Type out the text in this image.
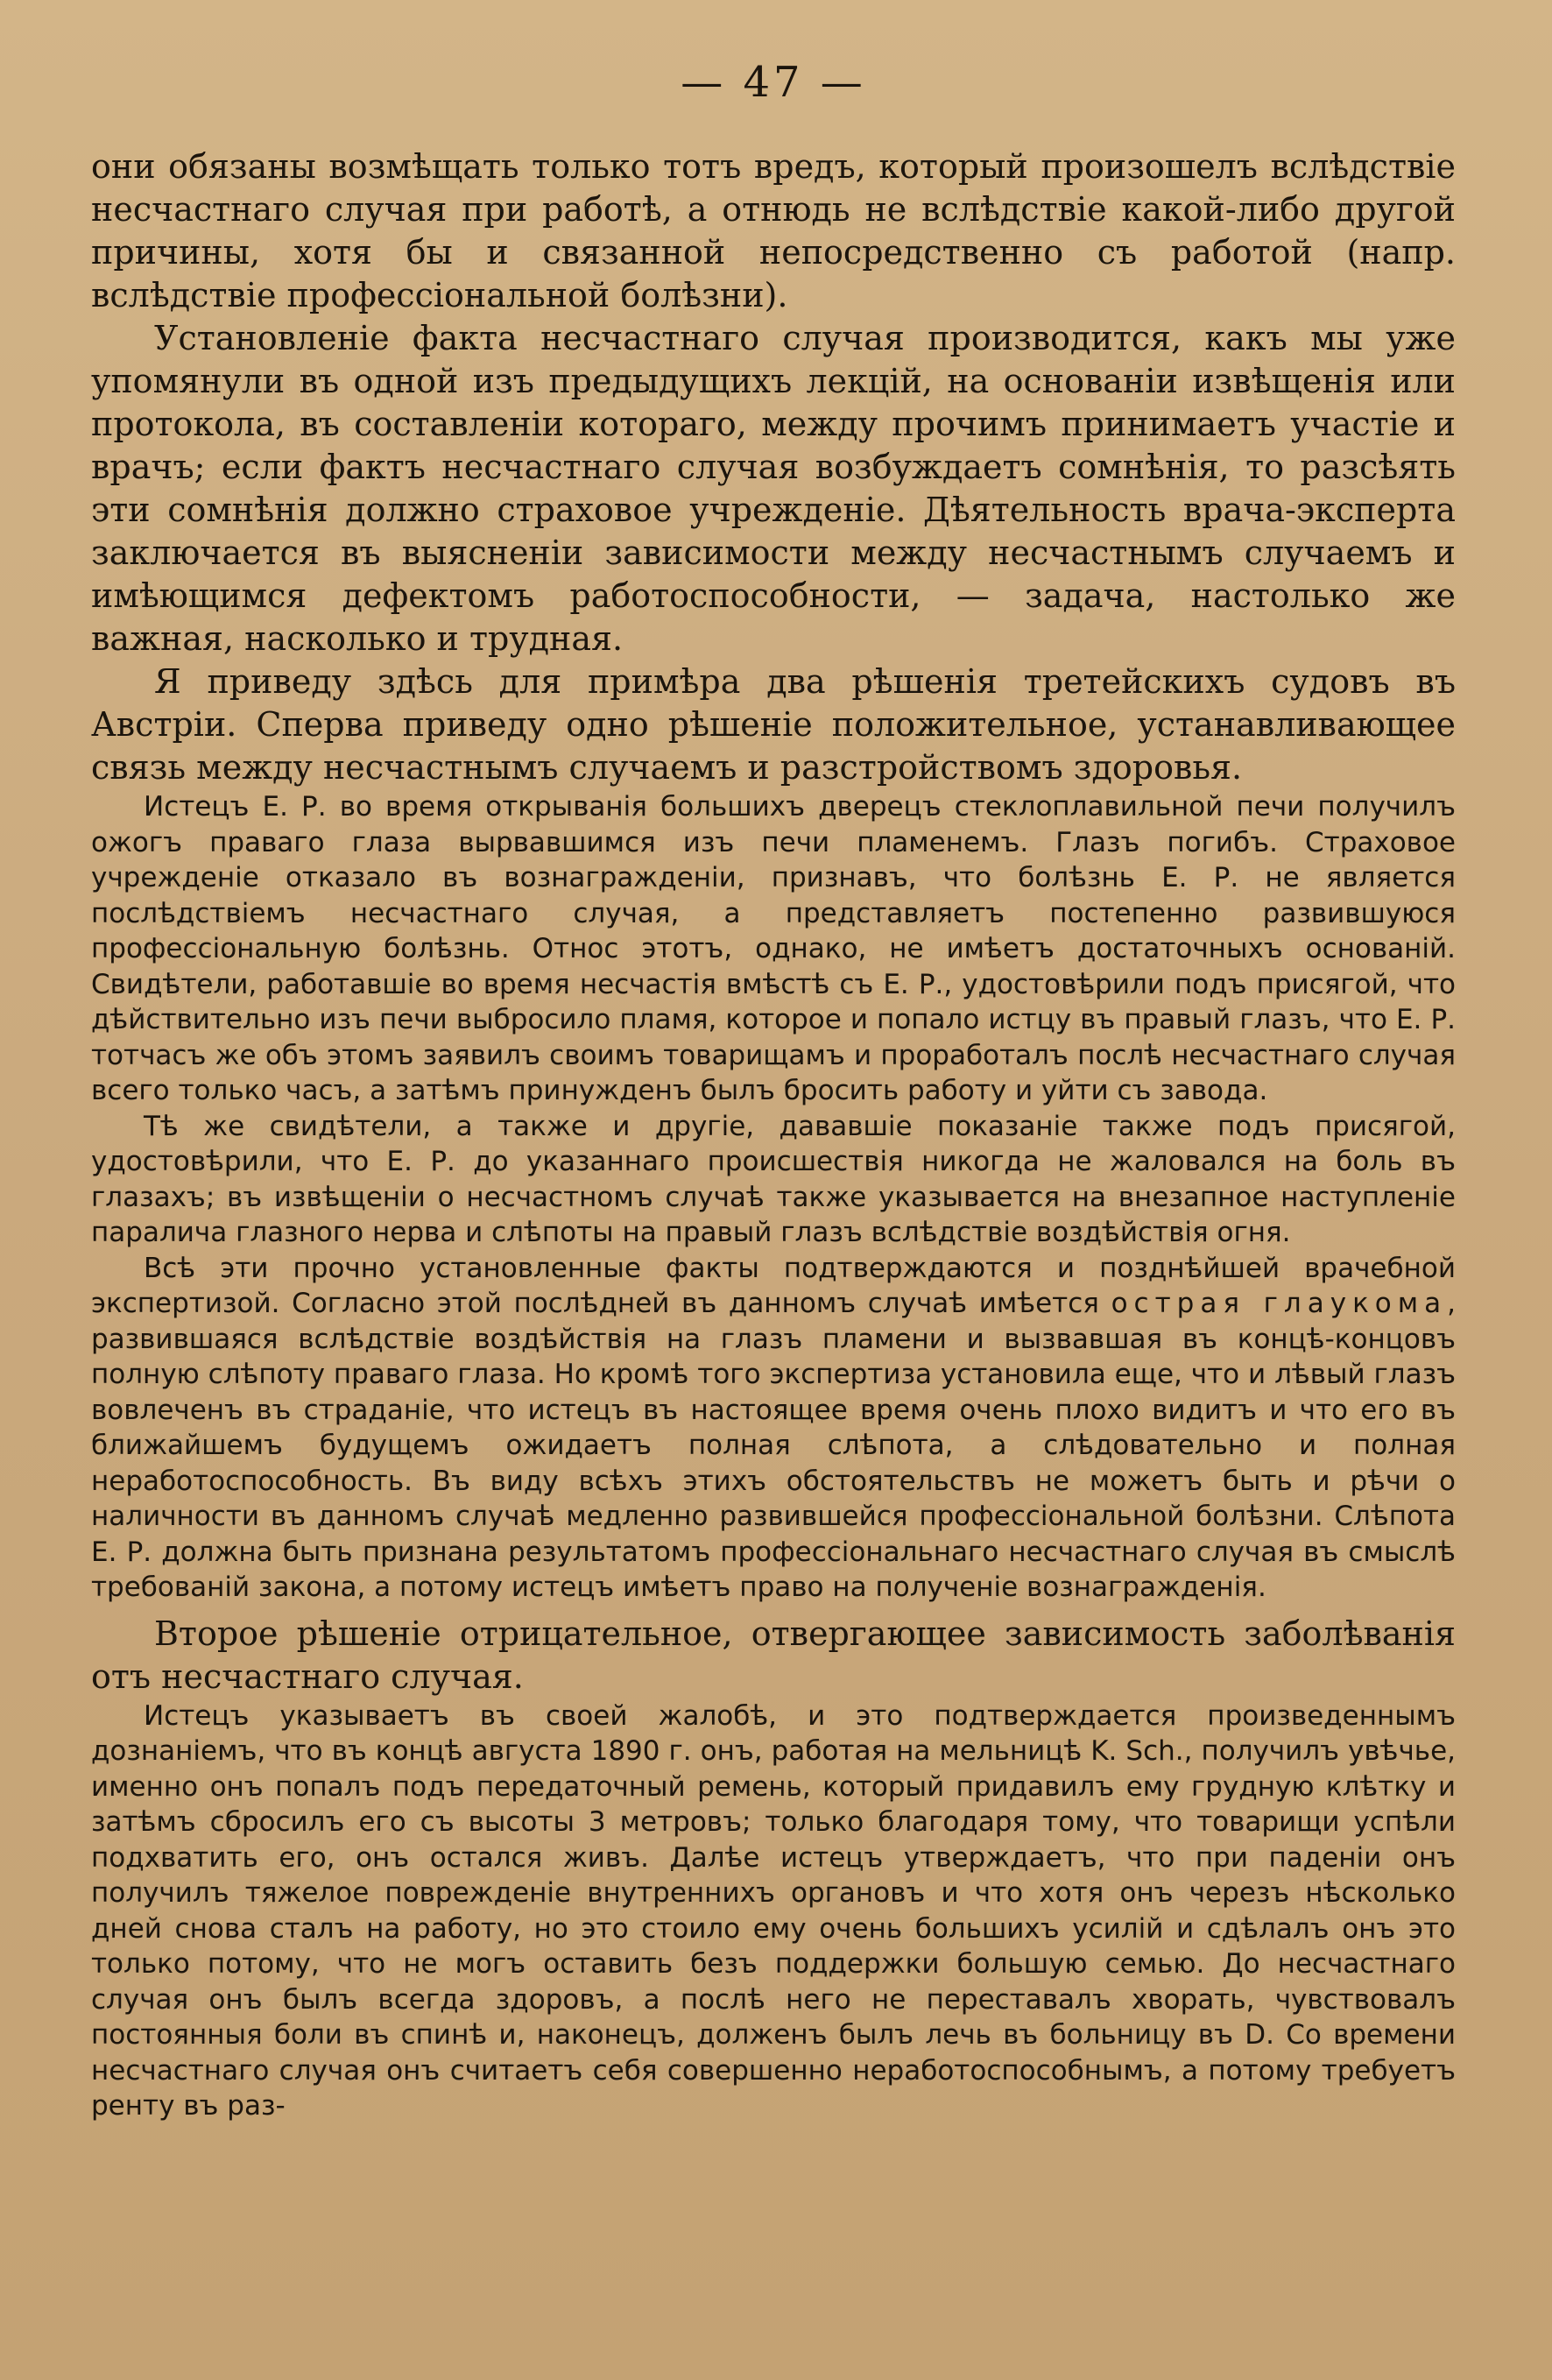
— 47 —

они обязаны возмѣщать только тотъ вредъ, который произошелъ вслѣдствіе несчастнаго случая при работѣ, а отнюдь не вслѣдствіе какой-либо другой причины, хотя бы и связанной непосредственно съ работой (напр. вслѣдствіе профессіональной болѣзни).

Установленіе факта несчастнаго случая производится, какъ мы уже упомянули въ одной изъ предыдущихъ лекцій, на основаніи извѣщенія или протокола, въ составленіи котораго, между прочимъ принимаетъ участіе и врачъ; если фактъ несчастнаго случая возбуждаетъ сомнѣнія, то разсѣять эти сомнѣнія должно страховое учрежденіе. Дѣятельность врача-эксперта заключается въ выясненіи зависимости между несчастнымъ случаемъ и имѣющимся дефектомъ работоспособности, — задача, настолько же важная, насколько и трудная.

Я приведу здѣсь для примѣра два рѣшенія третейскихъ судовъ въ Австріи. Сперва приведу одно рѣшеніе положительное, устанавливающее связь между несчастнымъ случаемъ и разстройствомъ здоровья.

Истецъ Е. Р. во время открыванія большихъ дверецъ стеклоплавильной печи получилъ ожогъ праваго глаза вырвавшимся изъ печи пламенемъ. Глазъ погибъ. Страховое учрежденіе отказало въ вознагражденіи, признавъ, что болѣзнь Е. Р. не является послѣдствіемъ несчастнаго случая, а представляетъ постепенно развившуюся профессіональную болѣзнь. Относ этотъ, однако, не имѣетъ достаточныхъ основаній. Свидѣтели, работавшіе во время несчастія вмѣстѣ съ Е. Р., удостовѣрили подъ присягой, что дѣйствительно изъ печи выбросило пламя, которое и попало истцу въ правый глазъ, что Е. Р. тотчасъ же объ этомъ заявилъ своимъ товарищамъ и проработалъ послѣ несчастнаго случая всего только часъ, а затѣмъ принужденъ былъ бросить работу и уйти съ завода.

Тѣ же свидѣтели, а также и другіе, дававшіе показаніе также подъ присягой, удостовѣрили, что Е. Р. до указаннаго происшествія никогда не жаловался на боль въ глазахъ; въ извѣщеніи о несчастномъ случаѣ также указывается на внезапное наступленіе паралича глазного нерва и слѣпоты на правый глазъ вслѣдствіе воздѣйствія огня.

Всѣ эти прочно установленные факты подтверждаются и позднѣйшей врачебной экспертизой. Согласно этой послѣдней въ данномъ случаѣ имѣется острая глаукома, развившаяся вслѣдствіе воздѣйствія на глазъ пламени и вызвавшая въ концѣ-концовъ полную слѣпоту праваго глаза. Но кромѣ того экспертиза установила еще, что и лѣвый глазъ вовлеченъ въ страданіе, что истецъ въ настоящее время очень плохо видитъ и что его въ ближайшемъ будущемъ ожидаетъ полная слѣпота, а слѣдовательно и полная неработоспособность. Въ виду всѣхъ этихъ обстоятельствъ не можетъ быть и рѣчи о наличности въ данномъ случаѣ медленно развившейся профессіональной болѣзни. Слѣпота Е. Р. должна быть признана результатомъ профессіональнаго несчастнаго случая въ смыслѣ требованій закона, а потому истецъ имѣетъ право на полученіе вознагражденія.

Второе рѣшеніе отрицательное, отвергающее зависимость заболѣванія отъ несчастнаго случая.

Истецъ указываетъ въ своей жалобѣ, и это подтверждается произведеннымъ дознаніемъ, что въ концѣ августа 1890 г. онъ, работая на мельницѣ K. Sch., получилъ увѣчье, именно онъ попалъ подъ передаточный ремень, который придавилъ ему грудную клѣтку и затѣмъ сбросилъ его съ высоты 3 метровъ; только благодаря тому, что товарищи успѣли подхватить его, онъ остался живъ. Далѣе истецъ утверждаетъ, что при паденіи онъ получилъ тяжелое поврежденіе внутреннихъ органовъ и что хотя онъ черезъ нѣсколько дней снова сталъ на работу, но это стоило ему очень большихъ усилій и сдѣлалъ онъ это только потому, что не могъ оставить безъ поддержки большую семью. До несчастнаго случая онъ былъ всегда здоровъ, а послѣ него не переставалъ хворать, чувствовалъ постоянныя боли въ спинѣ и, наконецъ, долженъ былъ лечь въ больницу въ D. Со времени несчастнаго случая онъ считаетъ себя совершенно неработоспособнымъ, а потому требуетъ ренту въ раз-
